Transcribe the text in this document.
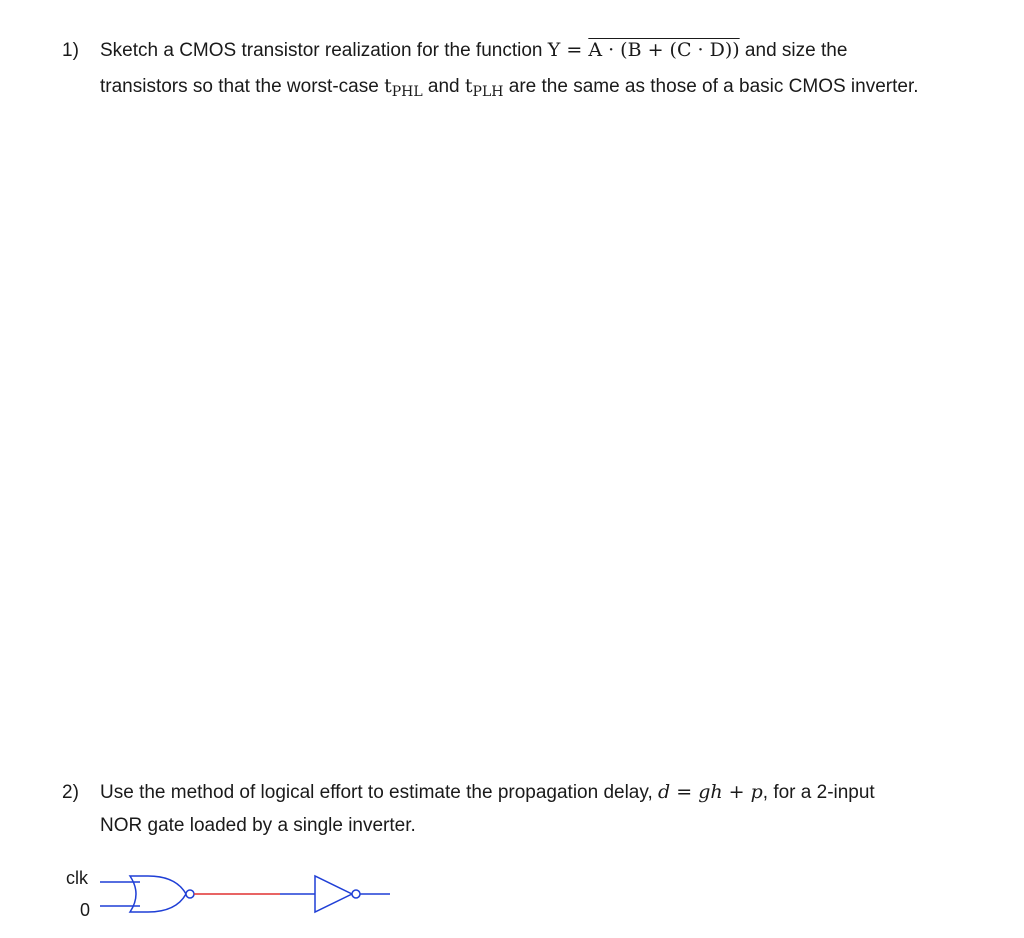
1) Sketch a CMOS transistor realization for the function Y = A · (B + (C · D)) and size the
transistors so that the worst-case $t_{PHL}$ and $t_{PLH}$ are the same as those of a basic CMOS inverter.
2) Use the method of logical effort to estimate the propagation delay, d = gh + p, for a 2-input
NOR gate loaded by a single inverter.
clk
0
